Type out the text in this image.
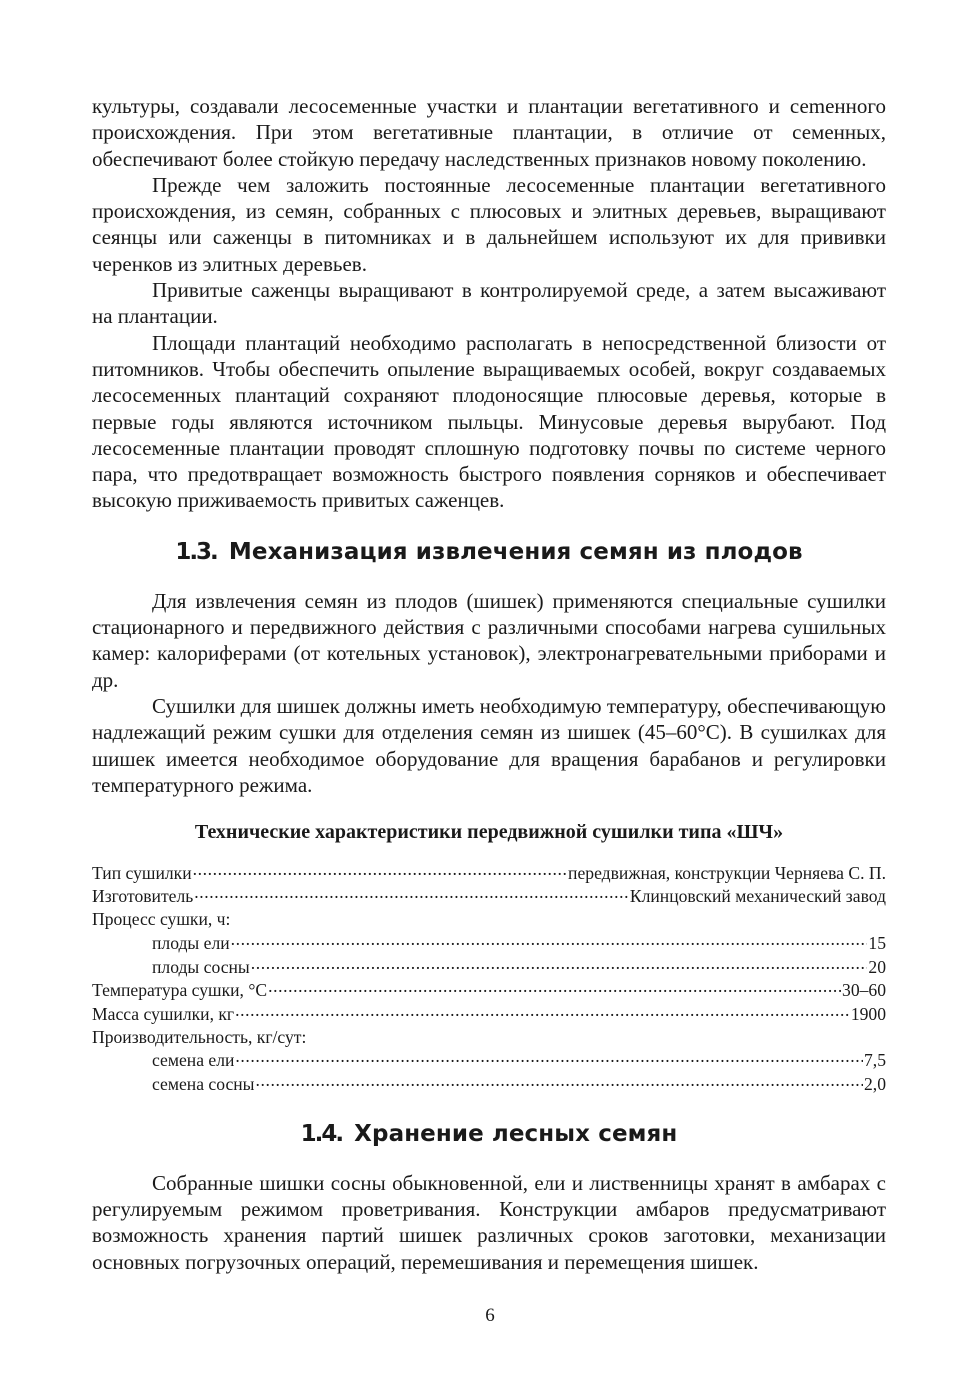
культуры, создавали лесосеменные участки и плантации вегетативного и сеmенного происхождения. При этом вегетативные плантации, в отличие от семенных, обеспечивают более стойкую передачу наследственных признаков новому поколению.

Прежде чем заложить постоянные лесосеменные плантации вегетативного происхождения, из семян, собранных с плюсовых и элитных деревьев, выращивают сеянцы или саженцы в питомниках и в дальнейшем используют их для прививки черенков из элитных деревьев.

Привитые саженцы выращивают в контролируемой среде, а затем высаживают на плантации.

Площади плантаций необходимо располагать в непосредственной близости от питомников. Чтобы обеспечить опыление выращиваемых особей, вокруг создаваемых лесосеменных плантаций сохраняют плодоносящие плюсовые деревья, которые в первые годы являются источником пыльцы. Минусовые деревья вырубают. Под лесосеменные плантации проводят сплошную подготовку почвы по системе черного пара, что предотвращает возможность быстрого появления сорняков и обеспечивает высокую приживаемость привитых саженцев.

1.3. Механизация извлечения семян из плодов

Для извлечения семян из плодов (шишек) применяются специальные сушилки стационарного и передвижного действия с различными способами нагрева сушильных камер: калориферами (от котельных установок), электронагревательными приборами и др.

Сушилки для шишек должны иметь необходимую температуру, обеспечивающую надлежащий режим сушки для отделения семян из шишек (45–60°С). В сушилках для шишек имеется необходимое оборудование для вращения барабанов и регулировки температурного режима.

Технические характеристики передвижной сушилки типа «ШЧ»
Тип сушилки .....	передвижная, конструкции Черняева С. П.
Изготовитель .....	Клинцовский механический завод
Процесс сушки, ч:
плоды ели .....	15
плоды сосны .....	20
Температура сушки, °С .....	30–60
Масса сушилки, кг .....	1900
Производительность, кг/сут:
семена ели .....	7,5
семена сосны .....	2,0
1.4. Хранение лесных семян

Собранные шишки сосны обыкновенной, ели и лиственницы хранят в амбарах с регулируемым режимом проветривания. Конструкции амбаров предусматривают возможность хранения партий шишек различных сроков заготовки, механизации основных погрузочных операций, перемешивания и перемещения шишек.

6
